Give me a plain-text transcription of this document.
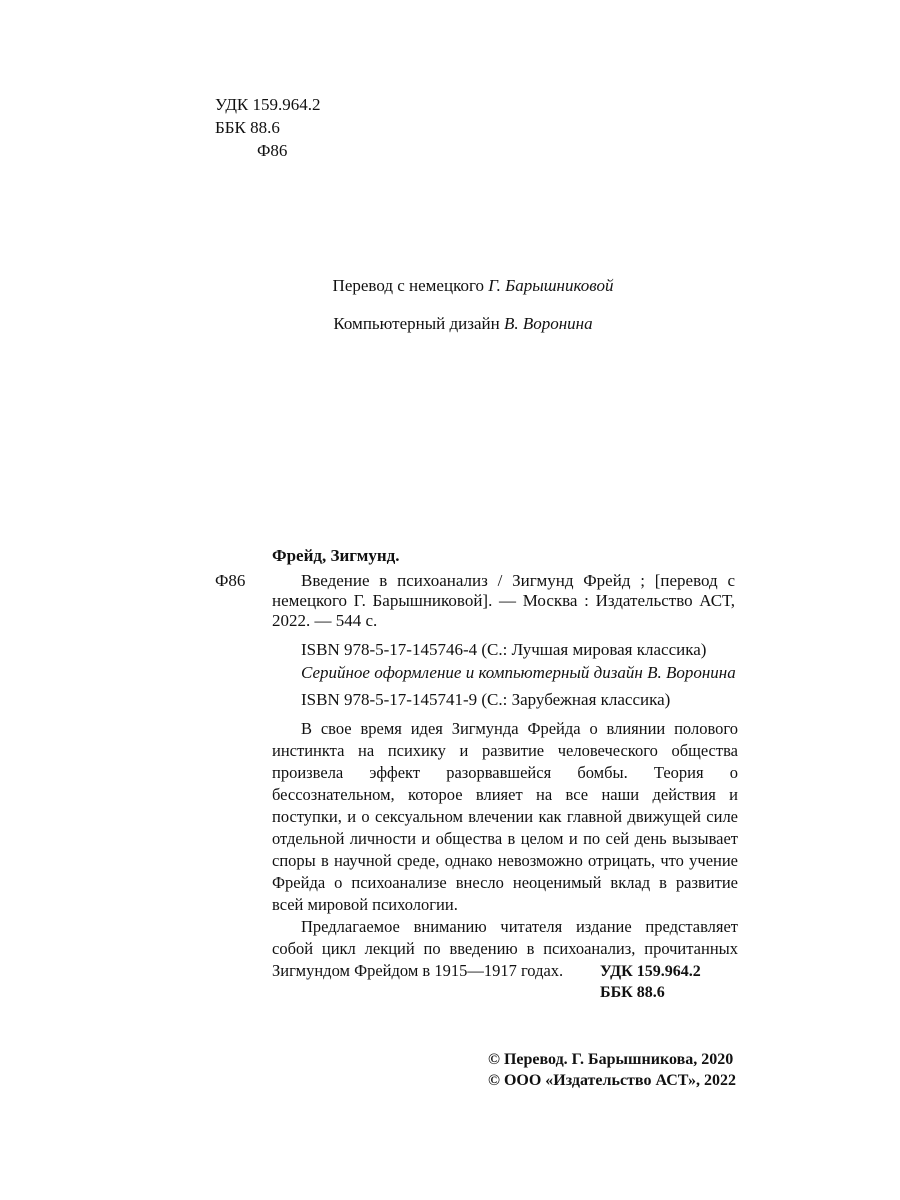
УДК 159.964.2

ББК 88.6

Ф86

Перевод с немецкого Г. Барышниковой
Компьютерный дизайн В. Воронина

Фрейд, Зигмунд.

Ф86	Введение в психоанализ / Зигмунд Фрейд ; [перевод с немецкого Г. Барышниковой]. — Москва : Издательство АСТ, 2022. — 544 с.

ISBN 978-5-17-145746-4 (С.: Лучшая мировая классика)

Серийное оформление и компьютерный дизайн В. Воронина

ISBN 978-5-17-145741-9 (С.: Зарубежная классика)

В свое время идея Зигмунда Фрейда о влиянии полового инстинкта на психику и развитие человеческого общества произвела эффект разорвавшейся бомбы. Теория о бессознательном, которое влияет на все наши действия и поступки, и о сексуальном влечении как главной движущей силе отдельной личности и общества в целом и по сей день вызывает споры в научной среде, однако невозможно отрицать, что учение Фрейда о психоанализе внесло неоценимый вклад в развитие всей мировой психологии.

Предлагаемое вниманию читателя издание представляет собой цикл лекций по введению в психоанализ, прочитанных Зигмундом Фрейдом в 1915—1917 годах.	УДК 159.964.2

ББК 88.6

© Перевод. Г. Барышникова, 2020

© ООО «Издательство АСТ», 2022
